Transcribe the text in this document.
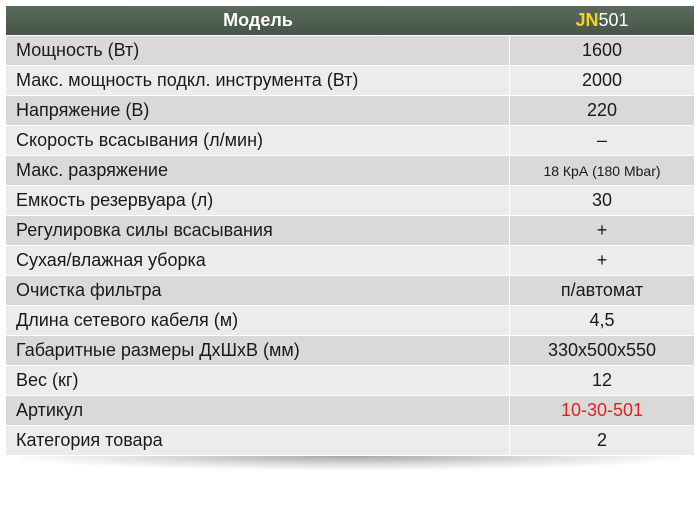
Модель	JN501
Мощность (Вт)	1600
Макс. мощность подкл. инструмента (Вт)	2000
Напряжение (В)	220
Скорость всасывания (л/мин)	–
Макс. разряжение	18 КрА (180 Mbar)
Емкость резервуара (л)	30
Регулировка силы всасывания	+
Сухая/влажная уборка	+
Очистка фильтра	п/автомат
Длина сетевого кабеля (м)	4,5
Габаритные размеры ДхШхВ (мм)	330x500x550
Вес (кг)	12
Артикул	10-30-501
Категория товара	2
